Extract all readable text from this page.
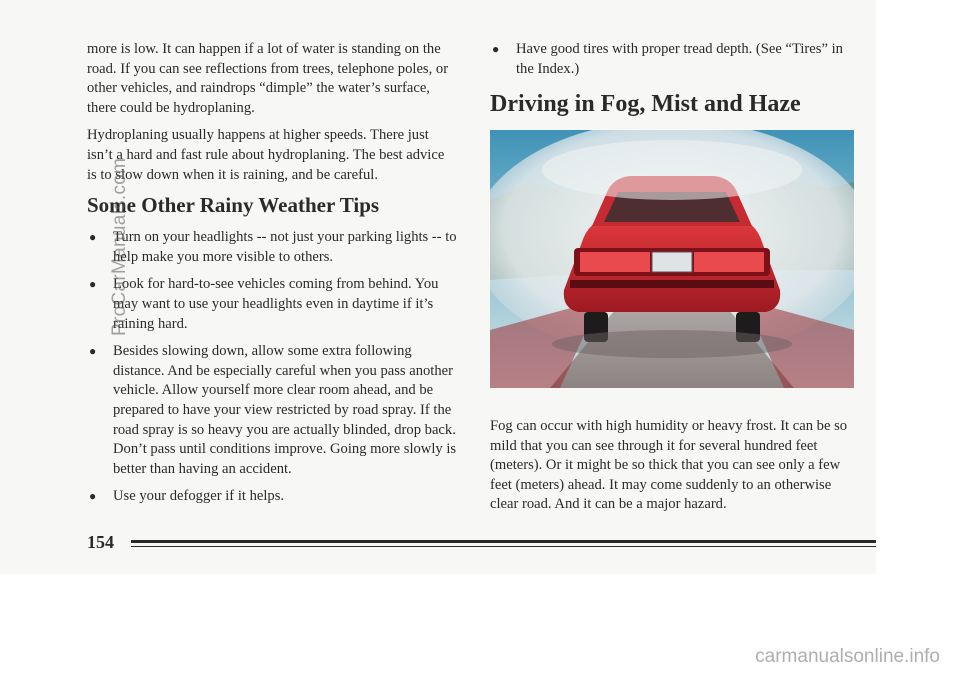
more is low. It can happen if a lot of water is standing on the road. If you can see reflections from trees, telephone poles, or other vehicles, and raindrops “dimple” the water’s surface, there could be hydroplaning.

Hydroplaning usually happens at higher speeds. There just isn’t a hard and fast rule about hydroplaning. The best advice is to slow down when it is raining, and be careful.

Some Other Rainy Weather Tips
● Turn on your headlights -- not just your parking lights -- to help make you more visible to others.
● Look for hard-to-see vehicles coming from behind. You may want to use your headlights even in daytime if it’s raining hard.
● Besides slowing down, allow some extra following distance. And be especially careful when you pass another vehicle. Allow yourself more clear room ahead, and be prepared to have your view restricted by road spray. If the road spray is so heavy you are actually blinded, drop back. Don’t pass until conditions improve. Going more slowly is better than having an accident.
● Use your defogger if it helps.
● Have good tires with proper tread depth. (See “Tires” in the Index.)
Driving in Fog, Mist and Haze

Fog can occur with high humidity or heavy frost. It can be so mild that you can see through it for several hundred feet (meters). Or it might be so thick that you can see only a few feet (meters) ahead. It may come suddenly to an otherwise clear road. And it can be a major hazard.

154
ProCarManuals.com
carmanualsonline.info
